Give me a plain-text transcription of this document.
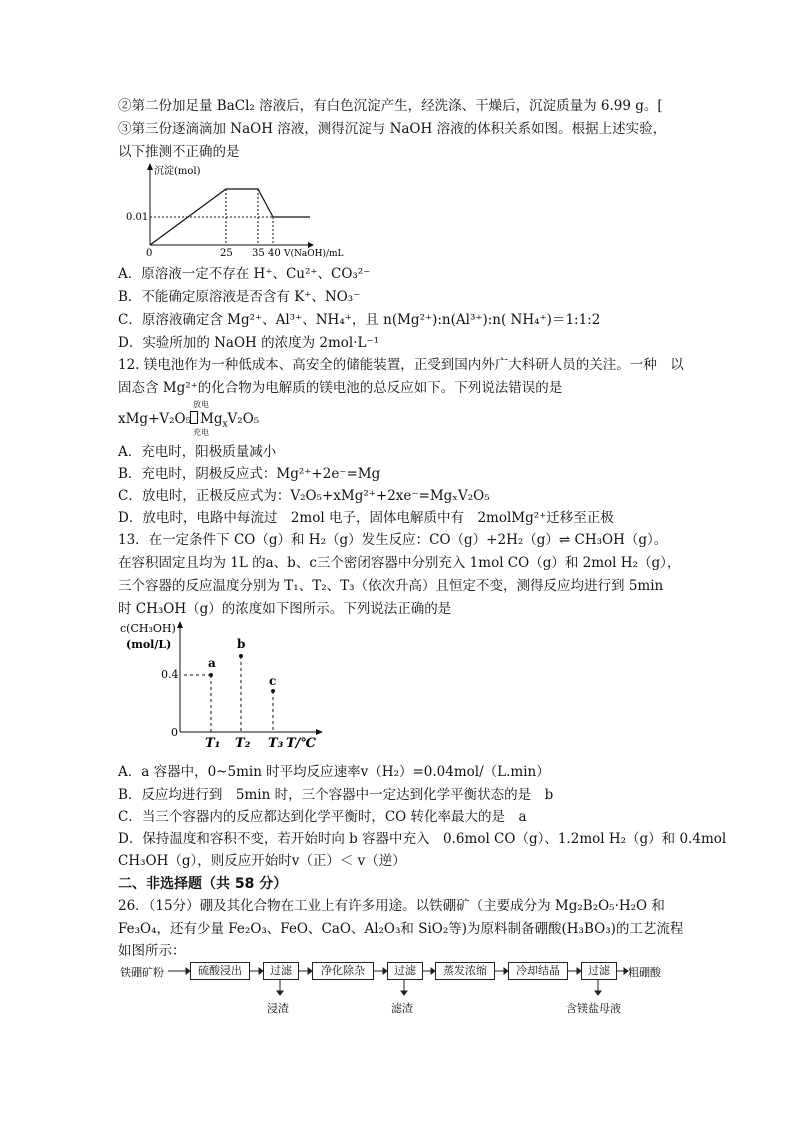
②第二份加足量 BaCl₂ 溶液后，有白色沉淀产生，经洗涤、干燥后，沉淀质量为 6.99 g。[
③第三份逐滴滴加 NaOH 溶液，测得沉淀与 NaOH 溶液的体积关系如图。根据上述实验，
以下推测不正确的是
沉淀(mol)
0.01
0	25 35 40 V(NaOH)/mL
A．原溶液一定不存在 H⁺、Cu²⁺、CO₃²⁻
B．不能确定原溶液是否含有 K⁺、NO₃⁻
C．原溶液确定含 Mg²⁺、Al³⁺、NH₄⁺，且 n(Mg²⁺):n(Al³⁺):n( NH₄⁺)＝1:1:2
D．实验所加的 NaOH 的浓度为 2mol·L⁻¹
12. 镁电池作为一种低成本、高安全的储能装置，正受到国内外广大科研人员的关注。一种　以
固态含 Mg²⁺的化合物为电解质的镁电池的总反应如下。下列说法错误的是
xMg+V₂O₅
放电
充电
$Mg_xV_2O_5$
A．充电时，阳极质量减小
B．充电时，阴极反应式：Mg²⁺+2e⁻=Mg
C．放电时，正极反应式为：V₂O₅+xMg²⁺+2xe⁻=MgₓV₂O₅
D．放电时，电路中每流过　2mol 电子，固体电解质中有　2molMg²⁺迁移至正极
13．在一定条件下 CO（g）和 H₂（g）发生反应：CO（g）+2H₂（g）⇌ CH₃OH（g）。
在容积固定且均为 1L 的a、b、c三个密闭容器中分别充入 1mol CO（g）和 2mol H₂（g），
三个容器的反应温度分别为 T₁、T₂、T₃（依次升高）且恒定不变，测得反应均进行到 5min
时 CH₃OH（g）的浓度如下图所示。下列说法正确的是
c(CH₃OH)
(mol/L)
0.4
0
a
b
c
T₁ T₂ T₃ T/℃
A．a 容器中，0~5min 时平均反应速率v（H₂）=0.04mol/（L.min）
B．反应均进行到　5min 时，三个容器中一定达到化学平衡状态的是　b
C．当三个容器内的反应都达到化学平衡时，CO 转化率最大的是　a
D．保持温度和容积不变，若开始时向 b 容器中充入　0.6mol CO（g）、1.2mol H₂（g）和 0.4mol
CH₃OH（g），则反应开始时v（正）＜ v（逆）
二、非选择题（共 58 分）
26．（15分）硼及其化合物在工业上有许多用途。以铁硼矿（主要成分为 Mg₂B₂O₅·H₂O 和
Fe₃O₄，还有少量 Fe₂O₃、FeO、CaO、Al₂O₃和 SiO₂等)为原料制备硼酸(H₃BO₃)的工艺流程
如图所示：
铁硼矿粉	硫酸浸出	过滤	净化除杂	过滤	蒸发浓缩	冷却结晶	过滤	粗硼酸
浸渣	滤渣	含镁盐母液
